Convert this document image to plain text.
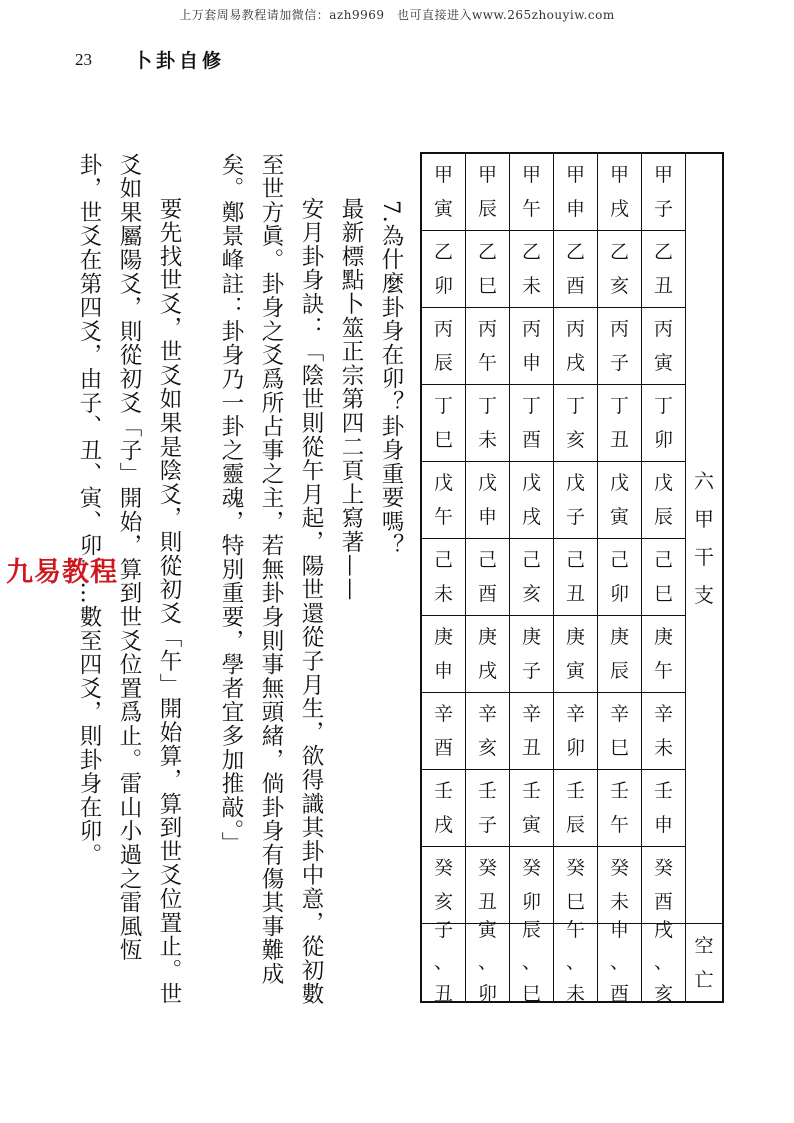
上万套周易教程请加微信：azh9969　也可直接进入www.265zhouyiw.com
23 卜卦自修
甲
寅
乙
卯
丙
辰
丁
巳
戊
午
己
未
庚
申
辛
酉
壬
戌
癸
亥
子
、
丑
甲
辰
乙
巳
丙
午
丁
未
戊
申
己
酉
庚
戌
辛
亥
壬
子
癸
丑
寅
、
卯
甲
午
乙
未
丙
申
丁
酉
戊
戌
己
亥
庚
子
辛
丑
壬
寅
癸
卯
辰
、
巳
甲
申
乙
酉
丙
戌
丁
亥
戊
子
己
丑
庚
寅
辛
卯
壬
辰
癸
巳
午
、
未
甲
戌
乙
亥
丙
子
丁
丑
戊
寅
己
卯
庚
辰
辛
巳
壬
午
癸
未
申
、
酉
甲
子
乙
丑
丙
寅
丁
卯
戊
辰
己
巳
庚
午
辛
未
壬
申
癸
酉
戌
、
亥
六
甲
干
支
空
亡
7.為什麼卦身在卯？卦身重要嗎？
最新標點卜筮正宗第四二頁上寫著——
安月卦身訣：「陰世則從午月起，陽世還從子月生，欲得識其卦中意，從初數
至世方眞。卦身之爻爲所占事之主，若無卦身則事無頭緒，倘卦身有傷其事難成
矣。鄭景峰註：卦身乃一卦之靈魂，特別重要，學者宜多加推敲。」
要先找世爻，世爻如果是陰爻，則從初爻「午」開始算，算到世爻位置止。世
爻如果屬陽爻，則從初爻「子」開始，算到世爻位置爲止。雷山小過之雷風恆
卦，世爻在第四爻，由子、丑、寅、卯……數至四爻，則卦身在卯。
九易教程
